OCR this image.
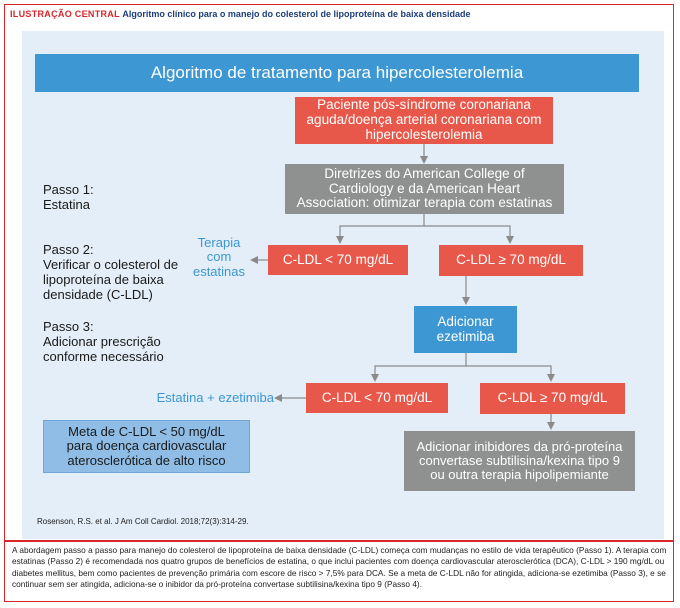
ILUSTRAÇÃO CENTRAL Algoritmo clínico para o manejo do colesterol de lipoproteína de baixa densidade
Algoritmo de tratamento para hipercolesterolemia
Paciente pós-síndrome coronariana aguda/doença arterial coronariana com hipercolesterolemia
Diretrizes do American College of Cardiology e da American Heart Association: otimizar terapia com estatinas
C-LDL < 70 mg/dL	C-LDL ≥ 70 mg/dL
Adicionar ezetimiba
C-LDL < 70 mg/dL	C-LDL ≥ 70 mg/dL
Adicionar inibidores da pró-proteína convertase subtilisina/kexina tipo 9 ou outra terapia hipolipemiante
Meta de C-LDL < 50 mg/dL para doença cardiovascular aterosclerótica de alto risco
Terapia com estatinas
Estatina + ezetimiba
Passo 1:
Estatina
Passo 2:
Verificar o colesterol de lipoproteína de baixa densidade (C-LDL)
Passo 3:
Adicionar prescrição conforme necessário
Rosenson, R.S. et al. J Am Coll Cardiol. 2018;72(3):314-29.
A abordagem passo a passo para manejo do colesterol de lipoproteína de baixa densidade (C-LDL) começa com mudanças no estilo de vida terapêutico (Passo 1). A terapia com estatinas (Passo 2) é recomendada nos quatro grupos de benefícios de estatina, o que inclui pacientes com doença cardiovascular aterosclerótica (DCA), C-LDL > 190 mg/dL ou diabetes mellitus, bem como pacientes de prevenção primária com escore de risco > 7,5% para DCA. Se a meta de C-LDL não for atingida, adiciona-se ezetimiba (Passo 3), e se continuar sem ser atingida, adiciona-se o inibidor da pró-proteína convertase subtilisina/kexina tipo 9 (Passo 4).
